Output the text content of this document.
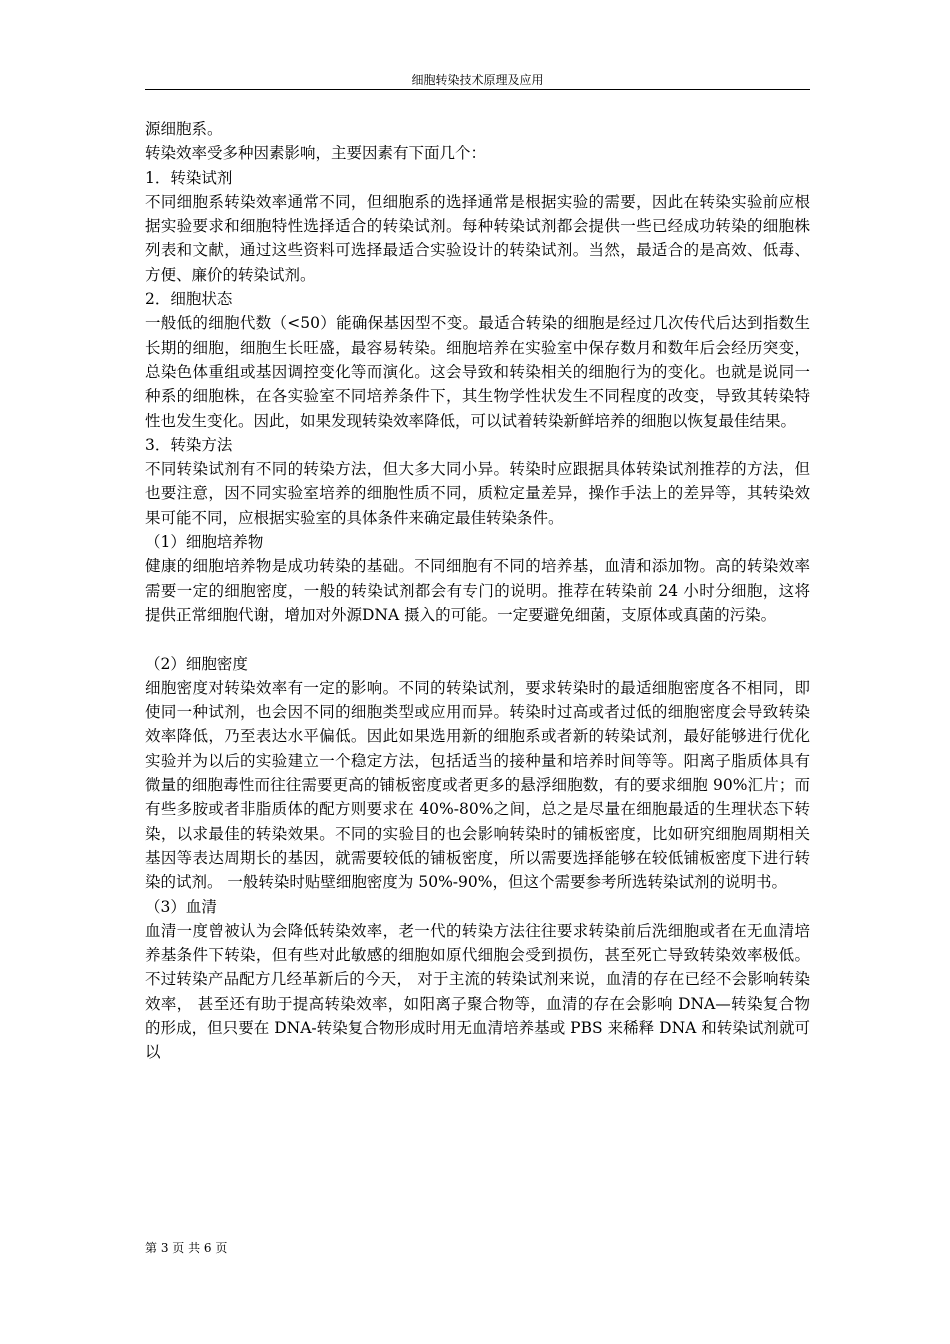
细胞转染技术原理及应用

源细胞系。

转染效率受多种因素影响，主要因素有下面几个：

1．转染试剂

不同细胞系转染效率通常不同，但细胞系的选择通常是根据实验的需要，因此在转染实验前应根据实验要求和细胞特性选择适合的转染试剂。每种转染试剂都会提供一些已经成功转染的细胞株列表和文献，通过这些资料可选择最适合实验设计的转染试剂。当然，最适合的是高效、低毒、方便、廉价的转染试剂。

2．细胞状态

一般低的细胞代数（<50）能确保基因型不变。最适合转染的细胞是经过几次传代后达到指数生长期的细胞，细胞生长旺盛，最容易转染。细胞培养在实验室中保存数月和数年后会经历突变，总染色体重组或基因调控变化等而演化。这会导致和转染相关的细胞行为的变化。也就是说同一种系的细胞株，在各实验室不同培养条件下，其生物学性状发生不同程度的改变，导致其转染特性也发生变化。因此，如果发现转染效率降低，可以试着转染新鲜培养的细胞以恢复最佳结果。

3．转染方法

不同转染试剂有不同的转染方法，但大多大同小异。转染时应跟据具体转染试剂推荐的方法，但也要注意，因不同实验室培养的细胞性质不同，质粒定量差异，操作手法上的差异等，其转染效果可能不同，应根据实验室的具体条件来确定最佳转染条件。

（1）细胞培养物

健康的细胞培养物是成功转染的基础。不同细胞有不同的培养基，血清和添加物。高的转染效率需要一定的细胞密度，一般的转染试剂都会有专门的说明。推荐在转染前 24 小时分细胞，这将提供正常细胞代谢，增加对外源DNA 摄入的可能。一定要避免细菌，支原体或真菌的污染。

（2）细胞密度

细胞密度对转染效率有一定的影响。不同的转染试剂，要求转染时的最适细胞密度各不相同，即使同一种试剂，也会因不同的细胞类型或应用而异。转染时过高或者过低的细胞密度会导致转染效率降低，乃至表达水平偏低。因此如果选用新的细胞系或者新的转染试剂，最好能够进行优化实验并为以后的实验建立一个稳定方法，包括适当的接种量和培养时间等等。阳离子脂质体具有微量的细胞毒性而往往需要更高的铺板密度或者更多的悬浮细胞数，有的要求细胞 90%汇片；而有些多胺或者非脂质体的配方则要求在 40%-80%之间，总之是尽量在细胞最适的生理状态下转染，以求最佳的转染效果。不同的实验目的也会影响转染时的铺板密度，比如研究细胞周期相关基因等表达周期长的基因，就需要较低的铺板密度，所以需要选择能够在较低铺板密度下进行转染的试剂。 一般转染时贴壁细胞密度为 50%-90%，但这个需要参考所选转染试剂的说明书。

（3）血清

血清一度曾被认为会降低转染效率，老一代的转染方法往往要求转染前后洗细胞或者在无血清培养基条件下转染，但有些对此敏感的细胞如原代细胞会受到损伤，甚至死亡导致转染效率极低。 不过转染产品配方几经革新后的今天， 对于主流的转染试剂来说，血清的存在已经不会影响转染效率， 甚至还有助于提高转染效率，如阳离子聚合物等，血清的存在会影响 DNA—转染复合物的形成，但只要在 DNA-转染复合物形成时用无血清培养基或 PBS 来稀释 DNA 和转染试剂就可以

第 3 页 共 6 页
